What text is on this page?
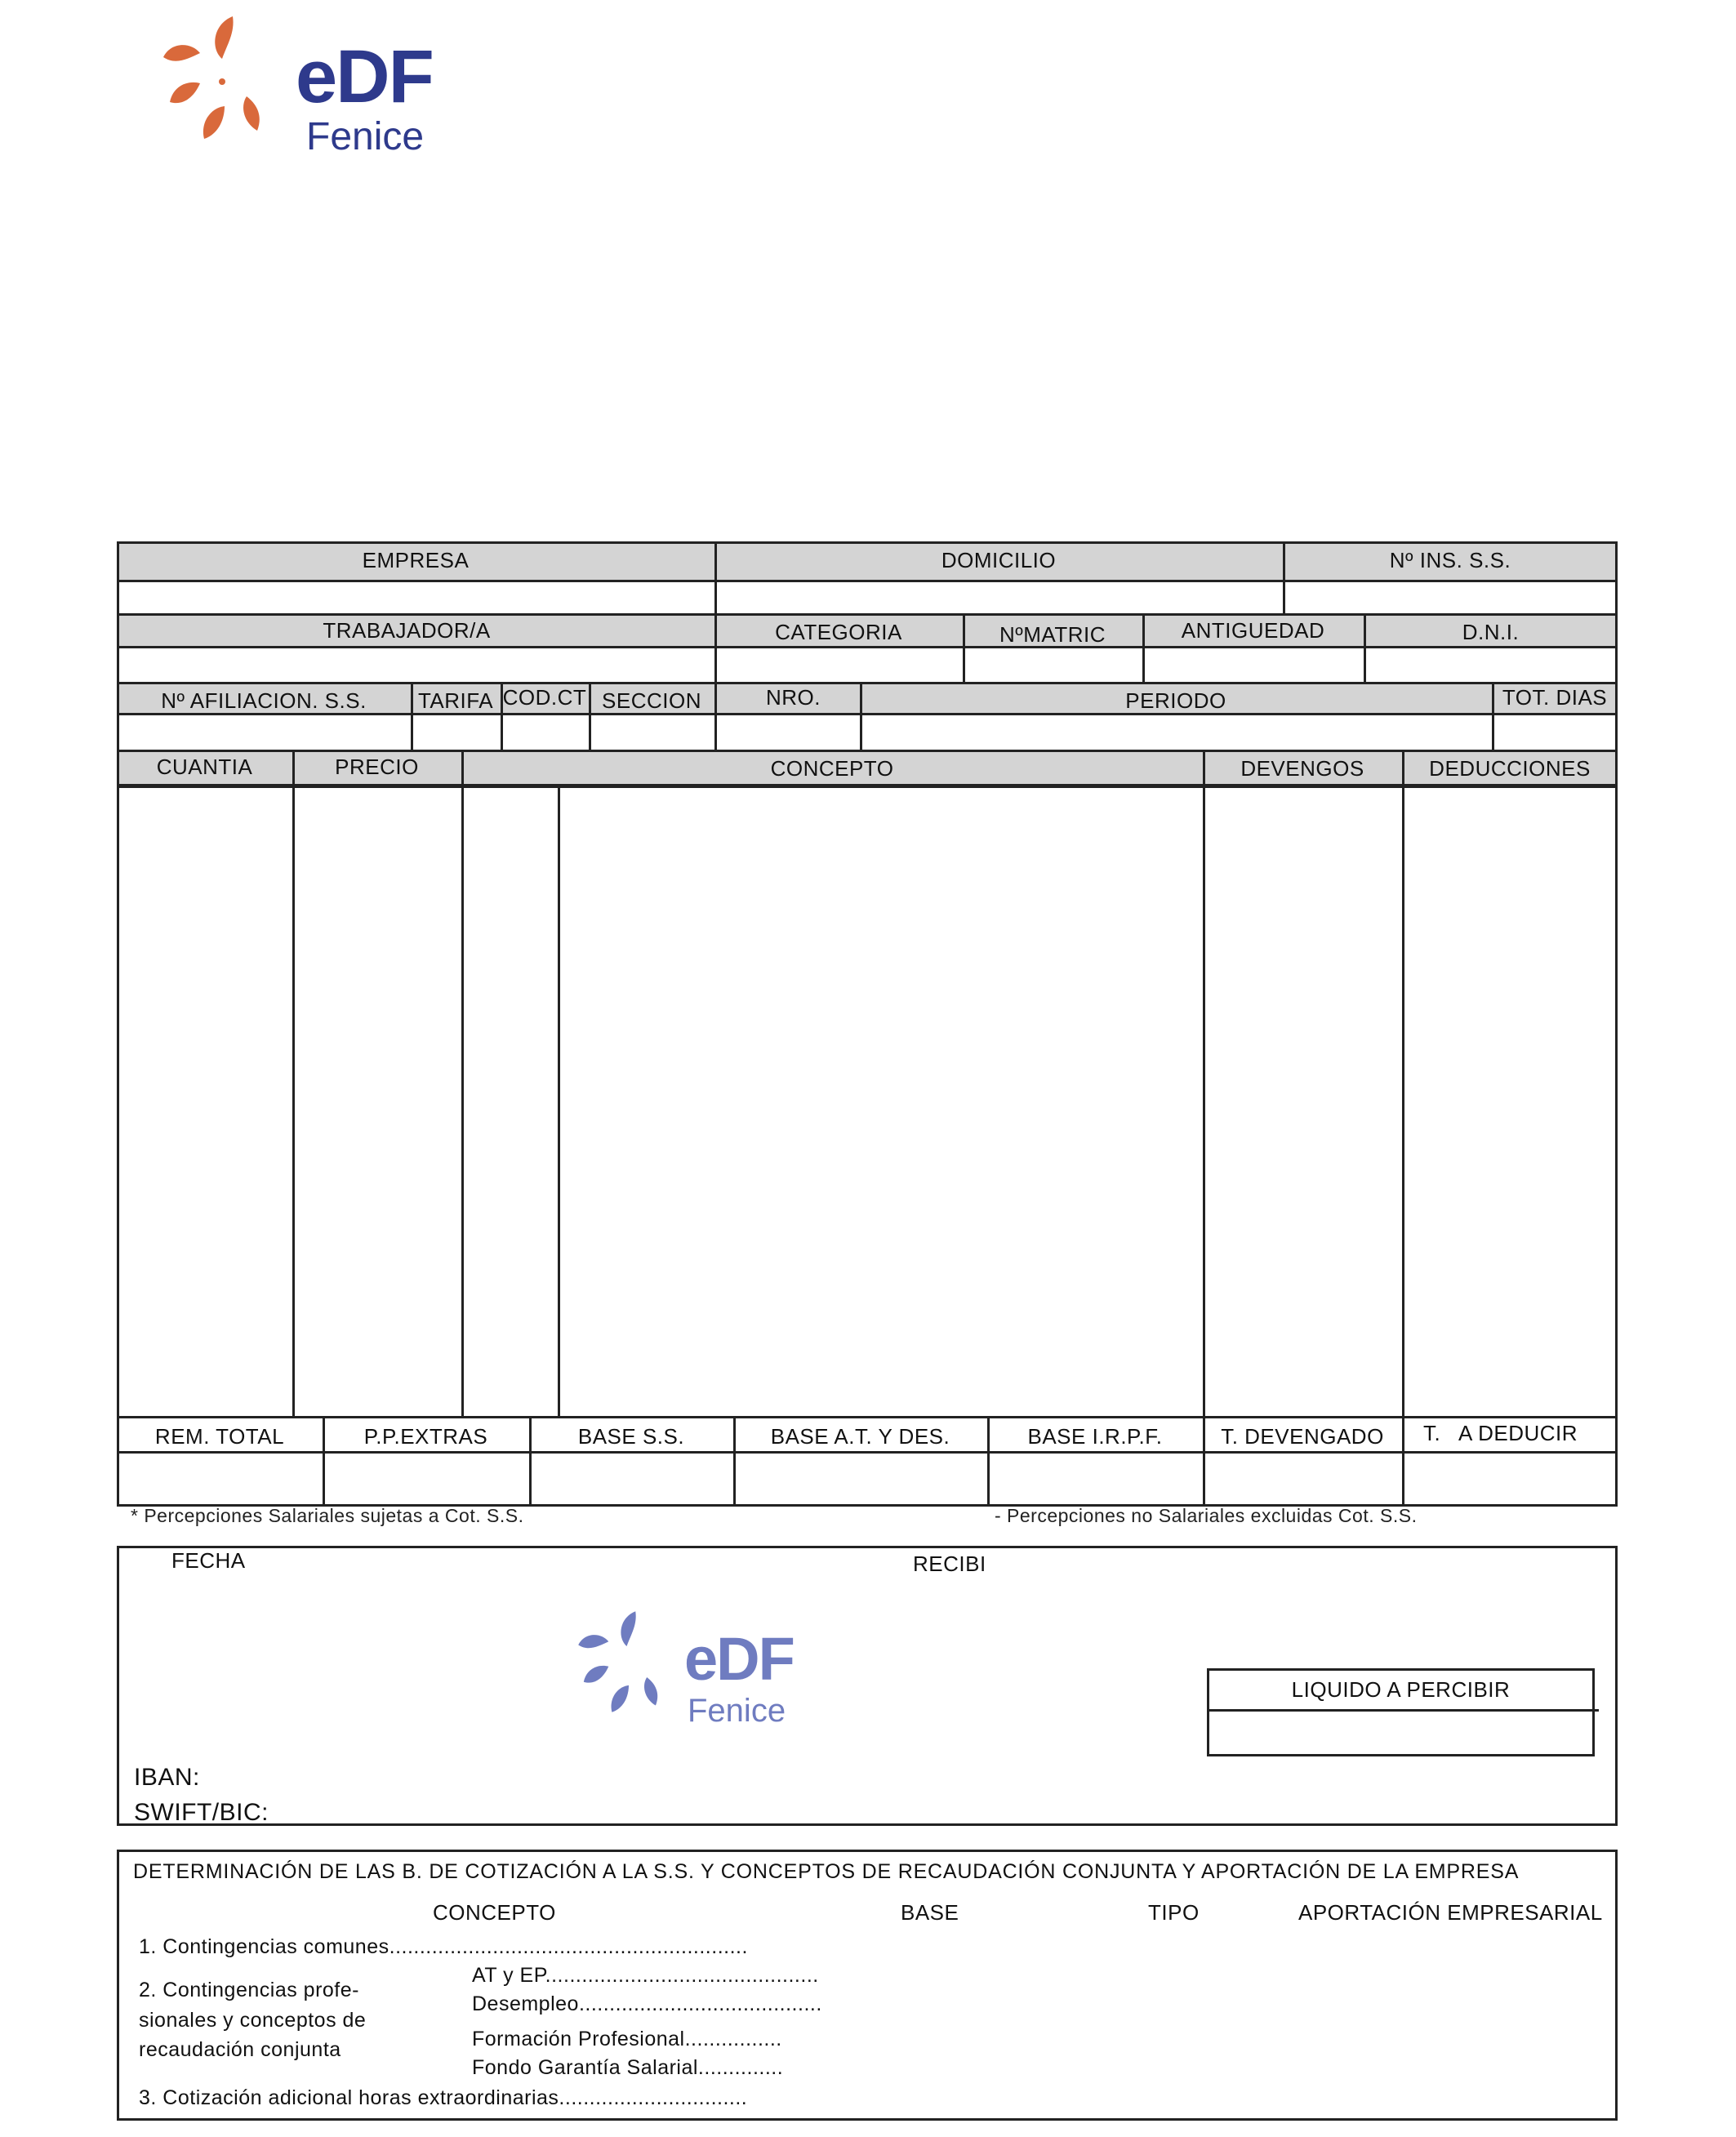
eDF
Fenice
EMPRESA	DOMICILIO	Nº INS. S.S.
TRABAJADOR/A	CATEGORIA	NºMATRIC	ANTIGUEDAD	D.N.I.
Nº AFILIACION. S.S.	TARIFA COD.CT SECCION	NRO.	PERIODO	TOT. DIAS
CUANTIA	PRECIO	CONCEPTO	DEVENGOS	DEDUCCIONES
REM. TOTAL	P.P.EXTRAS	BASE S.S.	BASE A.T. Y DES.	BASE I.R.P.F.	T. DEVENGADO	T.   A DEDUCIR
* Percepciones Salariales sujetas a Cot. S.S.	- Percepciones no Salariales excluidas Cot. S.S.
FECHA	RECIBI
eDF
Fenice
LIQUIDO A PERCIBIR
IBAN:
SWIFT/BIC:
DETERMINACIÓN DE LAS B. DE COTIZACIÓN A LA S.S. Y CONCEPTOS DE RECAUDACIÓN CONJUNTA Y APORTACIÓN DE LA EMPRESA
CONCEPTO	BASE	TIPO	APORTACIÓN EMPRESARIAL
1. Contingencias comunes...........................................................
2. Contingencias profe-
sionales y conceptos de
recaudación conjunta
AT y EP.............................................
Desempleo........................................
Formación Profesional................
Fondo Garantía Salarial..............
3. Cotización adicional horas extraordinarias...............................
